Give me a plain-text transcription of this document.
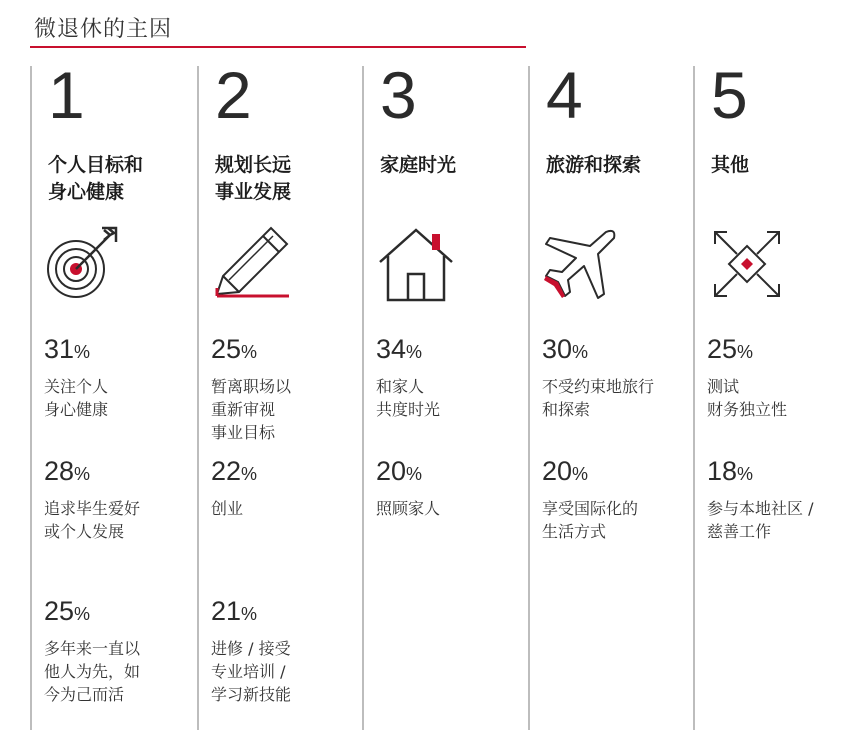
微退休的主因
1
个人目标和
身心健康
31%
关注个人
身心健康
28%
追求毕生爱好
或个人发展
25%
多年来一直以
他人为先，如
今为己而活
2
规划长远
事业发展
25%
暂离职场以
重新审视
事业目标
22%
创业
21%
进修 / 接受
专业培训 /
学习新技能
3
家庭时光
34%
和家人
共度时光
20%
照顾家人
4
旅游和探索
30%
不受约束地旅行
和探索
20%
享受国际化的
生活方式
5
其他
25%
测试
财务独立性
18%
参与本地社区 /
慈善工作
